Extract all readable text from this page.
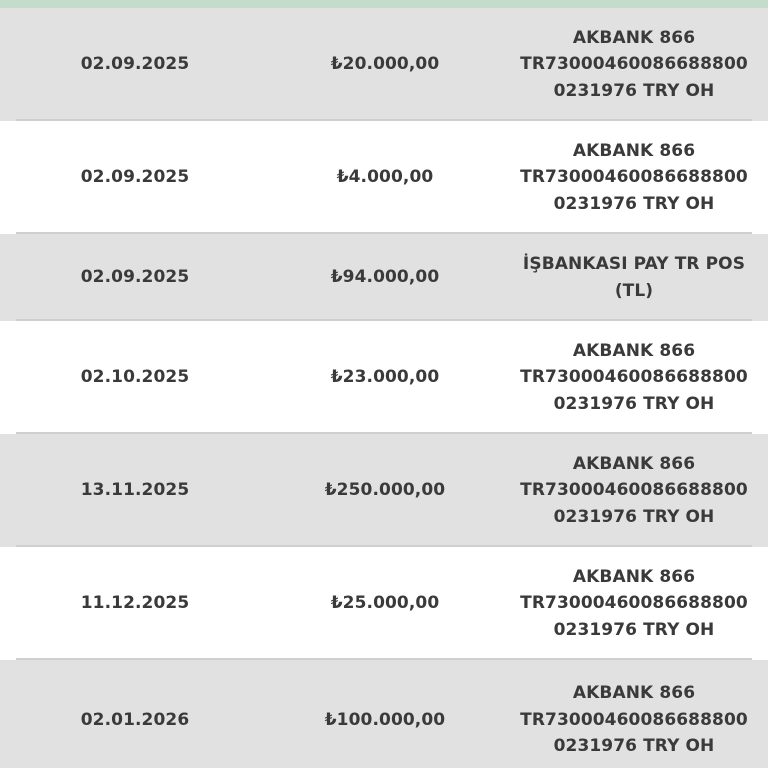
02.09.2025	₺20.000,00
AKBANK 866
TR73000460086688800
0231976 TRY OH
02.09.2025	₺4.000,00
AKBANK 866
TR73000460086688800
0231976 TRY OH
02.09.2025	₺94.000,00
İŞBANKASI PAY TR POS
(TL)
02.10.2025	₺23.000,00
AKBANK 866
TR73000460086688800
0231976 TRY OH
13.11.2025	₺250.000,00
AKBANK 866
TR73000460086688800
0231976 TRY OH
11.12.2025	₺25.000,00
AKBANK 866
TR73000460086688800
0231976 TRY OH
02.01.2026	₺100.000,00
AKBANK 866
TR73000460086688800
0231976 TRY OH
